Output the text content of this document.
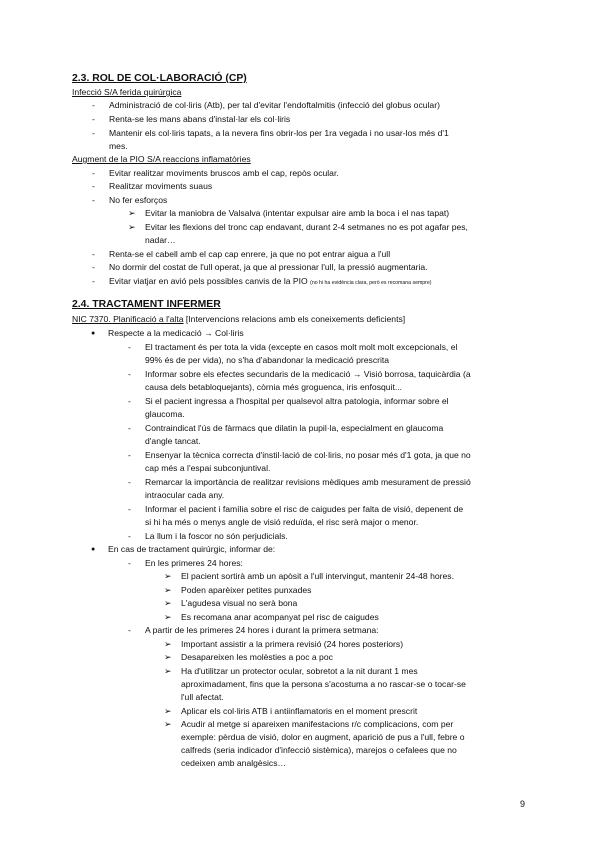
2.3. ROL DE COL·LABORACIÓ (CP)
Infecció S/A ferida quirúrgica
- Administració de col·liris (Atb), per tal d'evitar l'endoftalmitis (infecció del globus ocular)
- Renta-se les mans abans d'instal·lar els col·liris
- Mantenir els col·liris tapats, a la nevera fins obrir-los per 1ra vegada i no usar-los més d'1
mes.
Augment de la PIO S/A reaccions inflamatòries
- Evitar realitzar moviments bruscos amb el cap, repòs ocular.
- Realitzar moviments suaus
- No fer esforços
➢ Evitar la maniobra de Valsalva (intentar expulsar aire amb la boca i el nas tapat)
➢ Evitar les flexions del tronc cap endavant, durant 2-4 setmanes no es pot agafar pes,
nadar…
- Renta-se el cabell amb el cap cap enrere, ja que no pot entrar aigua a l'ull
- No dormir del costat de l'ull operat, ja que al pressionar l'ull, la pressió augmentaria.
- Evitar viatjar en avió pels possibles canvis de la PIO (no hi ha evidència clara, però es recomana sempre)
2.4. TRACTAMENT INFERMER
NIC 7370. Planificació a l'alta [Intervencions relacions amb els coneixements deficients]
● Respecte a la medicació → Col·liris
- El tractament és per tota la vida (excepte en casos molt molt molt excepcionals, el
99% és de per vida), no s'ha d'abandonar la medicació prescrita
- Informar sobre els efectes secundaris de la medicació → Visió borrosa, taquicàrdia (a
causa dels betabloquejants), còrnia més groguenca, iris enfosquit...
- Si el pacient ingressa a l'hospital per qualsevol altra patologia, informar sobre el
glaucoma.
- Contraindicat l'ús de fàrmacs que dilatin la pupil·la, especialment en glaucoma
d'angle tancat.
- Ensenyar la tècnica correcta d'instil·lació de col·liris, no posar més d'1 gota, ja que no
cap més a l'espai subconjuntival.
- Remarcar la importància de realitzar revisions mèdiques amb mesurament de pressió
intraocular cada any.
- Informar el pacient i família sobre el risc de caigudes per falta de visió, depenent de
si hi ha més o menys angle de visió reduïda, el risc serà major o menor.
- La llum i la foscor no són perjudicials.
● En cas de tractament quirúrgic, informar de:
- En les primeres 24 hores:
➢ El pacient sortirà amb un apòsit a l'ull intervingut, mantenir 24-48 hores.
➢ Poden aparèixer petites punxades
➢ L'agudesa visual no serà bona
➢ Es recomana anar acompanyat pel risc de caigudes
- A partir de les primeres 24 hores i durant la primera setmana:
➢ Important assistir a la primera revisió (24 hores posteriors)
➢ Desapareixen les molèsties a poc a poc
➢ Ha d'utilitzar un protector ocular, sobretot a la nit durant 1 mes
aproximadament, fins que la persona s'acostuma a no rascar-se o tocar-se
l'ull afectat.
➢ Aplicar els col·liris ATB i antiinflamatoris en el moment prescrit
➢ Acudir al metge si apareixen manifestacions r/c complicacions, com per
exemple: pèrdua de visió, dolor en augment, aparició de pus a l'ull, febre o
calfreds (seria indicador d'infecció sistèmica), marejos o cefalees que no
cedeixen amb analgèsics…
9
